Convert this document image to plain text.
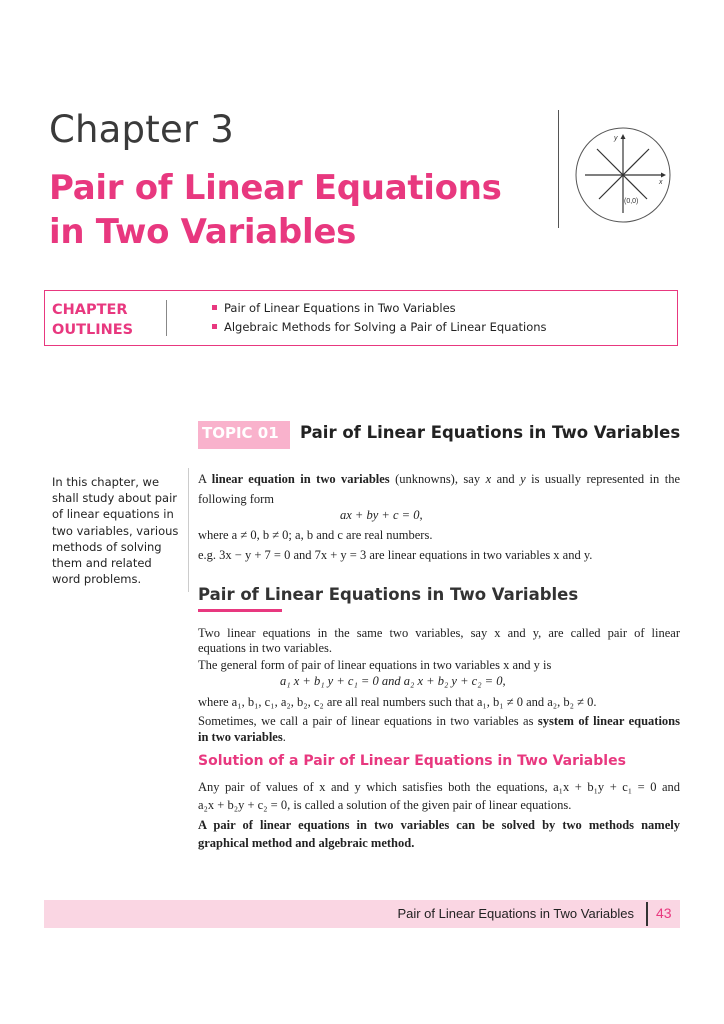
Chapter 3
Pair of Linear Equations
in Two Variables
y
x
(0,0)
CHAPTER
OUTLINES
Pair of Linear Equations in Two Variables
Algebraic Methods for Solving a Pair of Linear Equations
TOPIC 01 Pair of Linear Equations in Two Variables
In this chapter, we
shall study about pair
of linear equations in
two variables, various
methods of solving
them and related
word problems.
A linear equation in two variables (unknowns), say x and y is usually represented in the
following form
ax + by + c = 0,
where a ≠ 0, b ≠ 0; a, b and c are real numbers.
e.g. 3x − y + 7 = 0 and 7x + y = 3 are linear equations in two variables x and y.
Pair of Linear Equations in Two Variables
Two linear equations in the same two variables, say x and y, are called pair of linear
equations in two variables.
The general form of pair of linear equations in two variables x and y is
a₁ x + b₁ y + c₁ = 0 and a₂ x + b₂ y + c₂ = 0,
where a₁, b₁, c₁, a₂, b₂, c₂ are all real numbers such that a₁, b₁ ≠ 0 and a₂, b₂ ≠ 0.
Sometimes, we call a pair of linear equations in two variables as system of linear equations
in two variables.
Solution of a Pair of Linear Equations in Two Variables
Any pair of values of x and y which satisfies both the equations, a₁x + b₁y + c₁ = 0 and
a₂x + b₂y + c₂ = 0, is called a solution of the given pair of linear equations.
A pair of linear equations in two variables can be solved by two methods namely
graphical method and algebraic method.
Pair of Linear Equations in Two Variables 43
